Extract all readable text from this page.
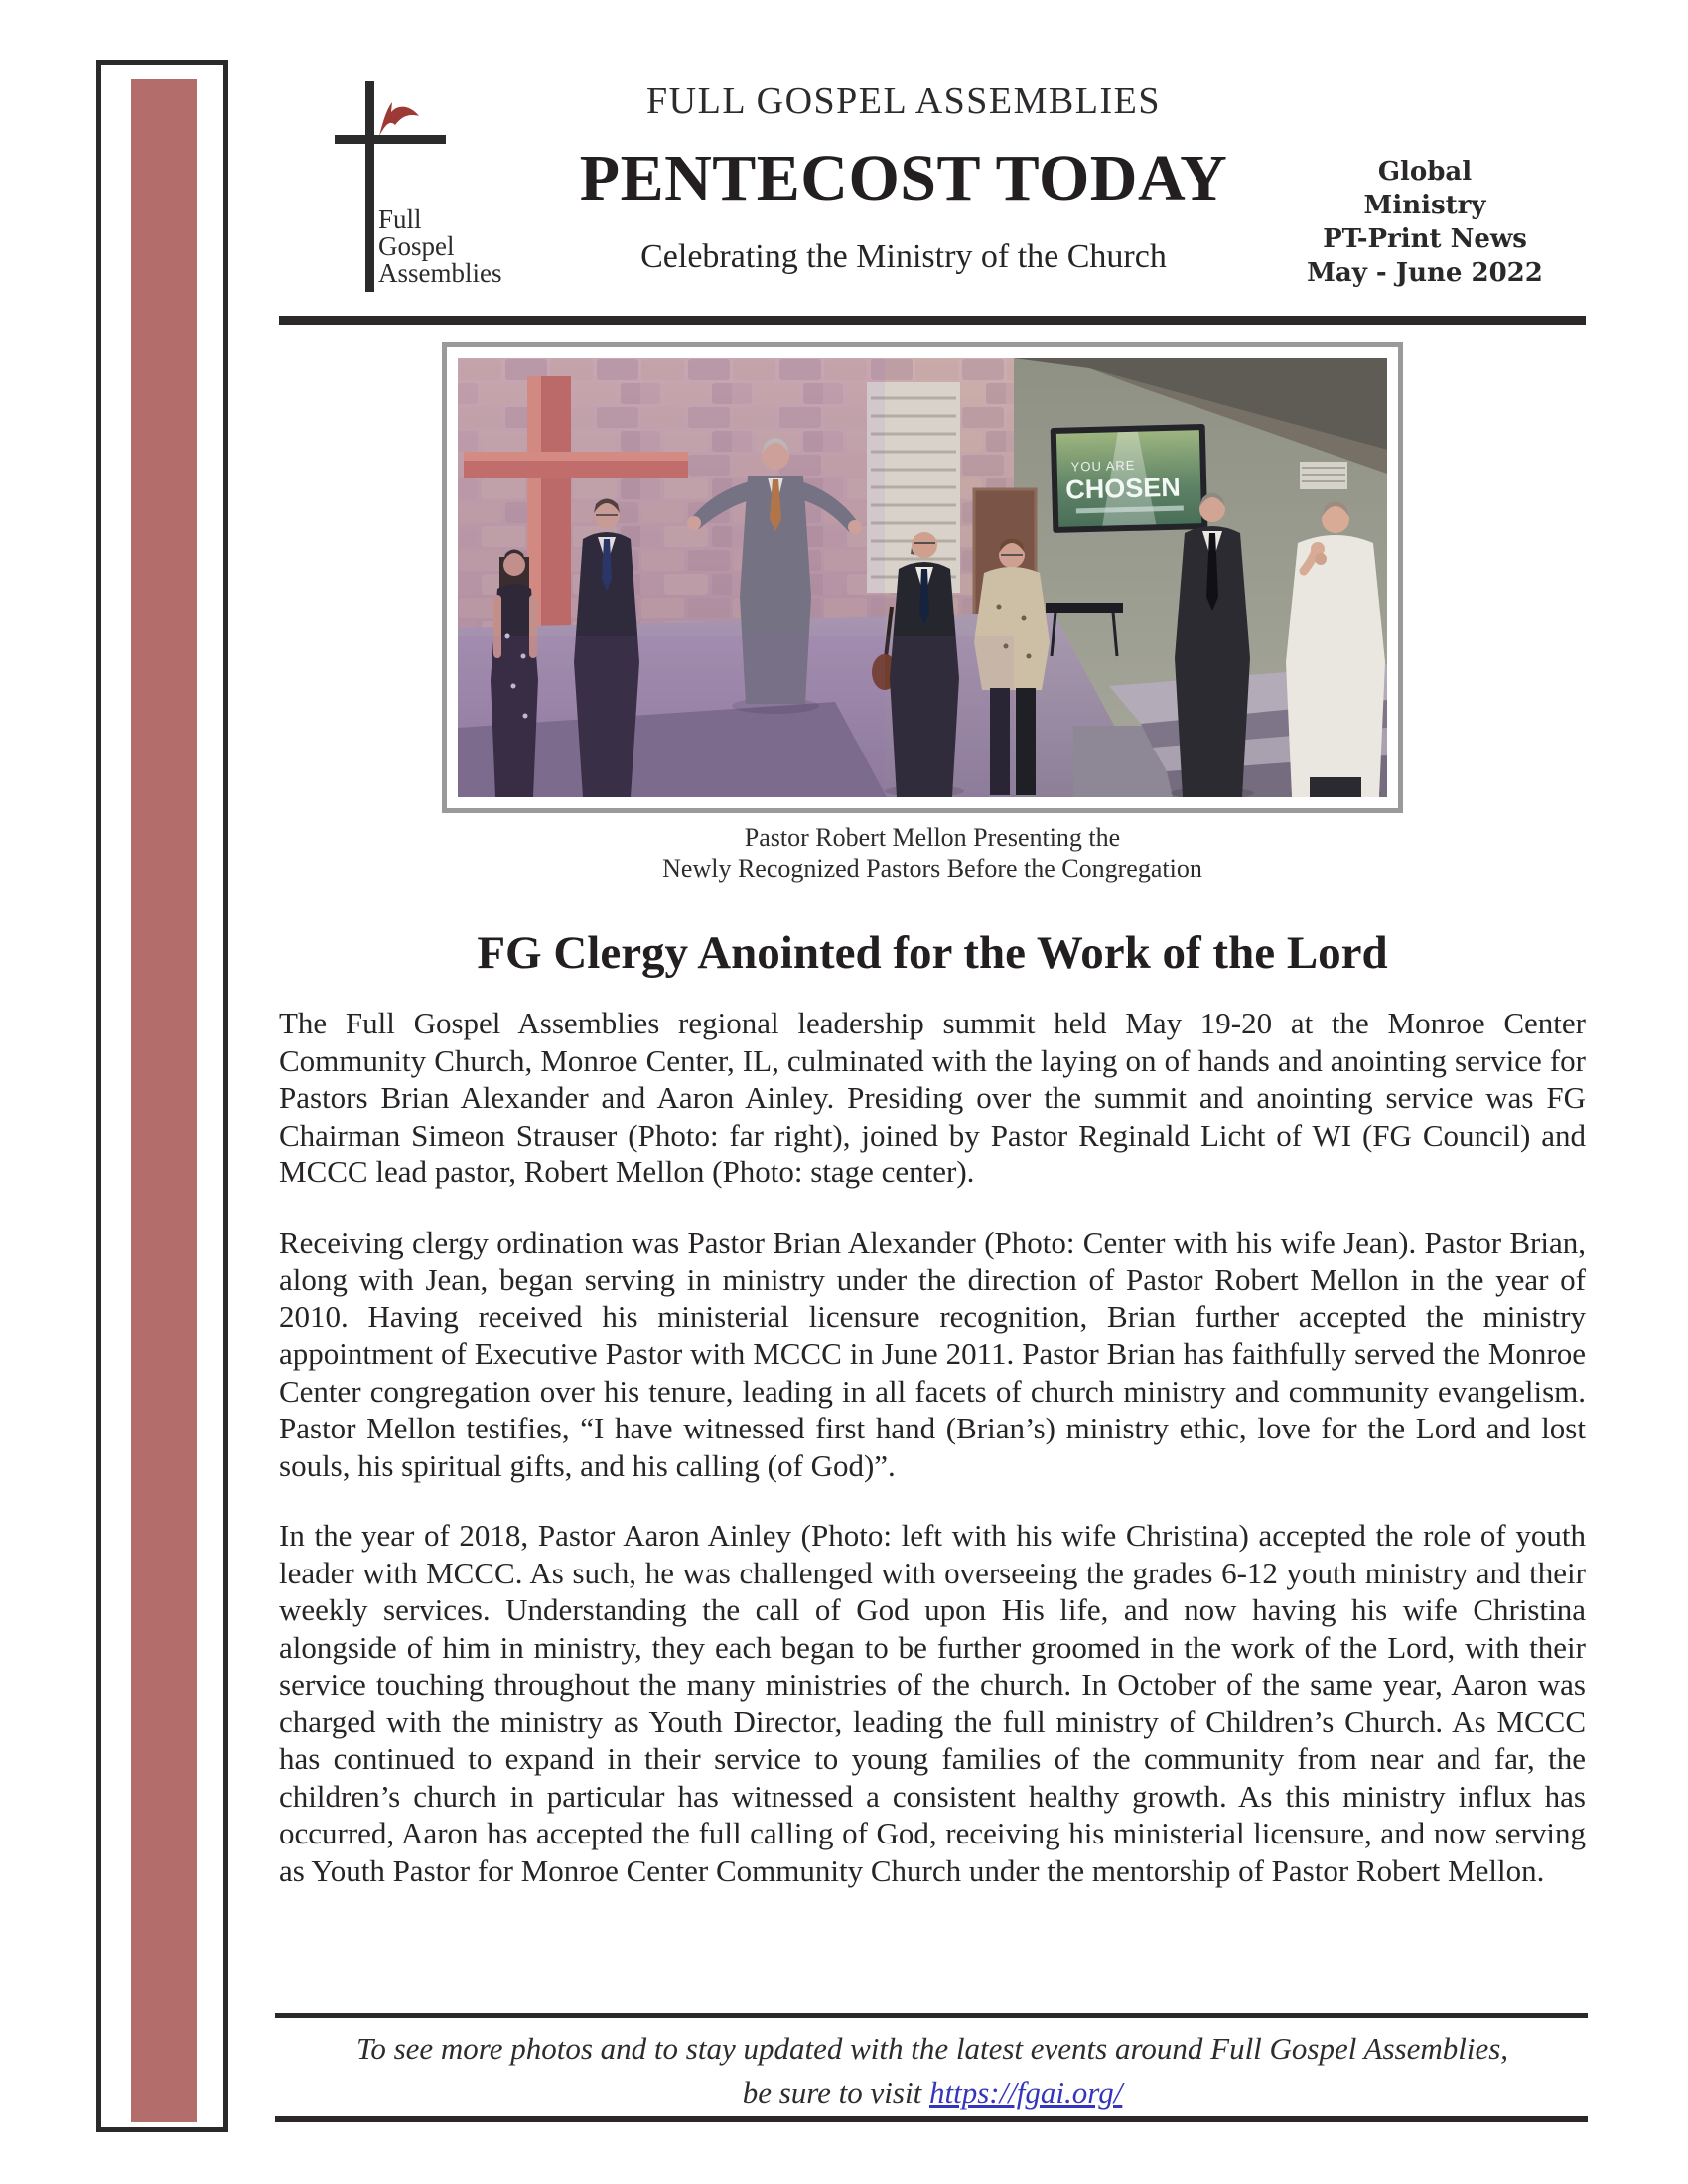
Full
Gospel
Assemblies
FULL GOSPEL ASSEMBLIES
PENTECOST TODAY
Celebrating the Ministry of the Church
Global
Ministry
PT-Print News
May - June 2022
YOU ARE
CHOSEN
Pastor Robert Mellon Presenting the
Newly Recognized Pastors Before the Congregation
FG Clergy Anointed for the Work of the Lord

The Full Gospel Assemblies regional leadership summit held May 19-20 at the Monroe Center Community Church, Monroe Center, IL, culminated with the laying on of hands and anointing service for Pastors Brian Alexander and Aaron Ainley. Presiding over the summit and anointing service was FG Chairman Simeon Strauser (Photo: far right), joined by Pastor Reginald Licht of WI (FG Council) and MCCC lead pastor, Robert Mellon (Photo: stage center).

Receiving clergy ordination was Pastor Brian Alexander (Photo: Center with his wife Jean). Pastor Brian, along with Jean, began serving in ministry under the direction of Pastor Robert Mellon in the year of 2010. Having received his ministerial licensure recognition, Brian further accepted the ministry appointment of Executive Pastor with MCCC in June 2011. Pastor Brian has faithfully served the Monroe Center congregation over his tenure, leading in all facets of church ministry and community evangelism. Pastor Mellon testifies, “I have witnessed first hand (Brian’s) ministry ethic, love for the Lord and lost souls, his spiritual gifts, and his calling (of God)”.

In the year of 2018, Pastor Aaron Ainley (Photo: left with his wife Christina) accepted the role of youth leader with MCCC. As such, he was challenged with overseeing the grades 6-12 youth ministry and their weekly services. Understanding the call of God upon His life, and now having his wife Christina alongside of him in ministry, they each began to be further groomed in the work of the Lord, with their service touching throughout the many ministries of the church. In October of the same year, Aaron was charged with the ministry as Youth Director, leading the full ministry of Children’s Church. As MCCC has continued to expand in their service to young families of the community from near and far, the children’s church in particular has witnessed a consistent healthy growth. As this ministry influx has occurred, Aaron has accepted the full calling of God, receiving his ministerial licensure, and now serving as Youth Pastor for Monroe Center Community Church under the mentorship of Pastor Robert Mellon.

To see more photos and to stay updated with the latest events around Full Gospel Assemblies,
be sure to visit https://fgai.org/
